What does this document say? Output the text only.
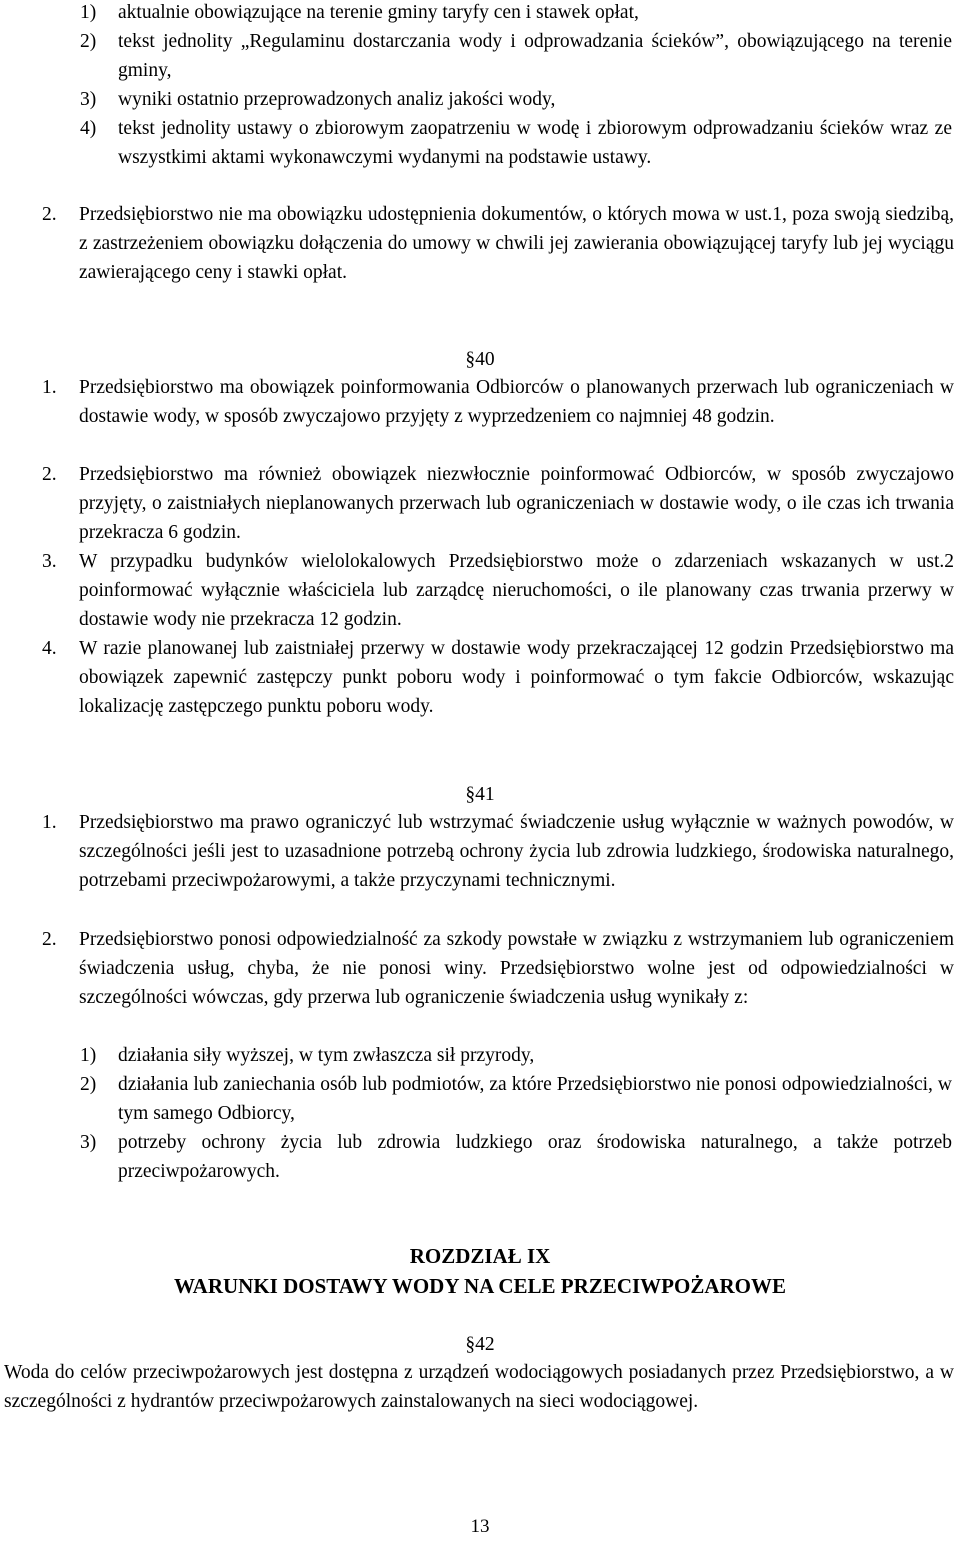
1)	aktualnie obowiązujące na terenie gminy taryfy cen i stawek opłat,
2)	tekst jednolity „Regulaminu dostarczania wody i odprowadzania ścieków”, obowiązującego na terenie gminy,
3)	wyniki ostatnio przeprowadzonych analiz jakości wody,
4)	tekst jednolity ustawy o zbiorowym zaopatrzeniu w wodę i zbiorowym odprowadzaniu ścieków wraz ze wszystkimi aktami wykonawczymi wydanymi na podstawie ustawy.
2.	Przedsiębiorstwo nie ma obowiązku udostępnienia dokumentów, o których mowa w ust.1, poza swoją siedzibą, z zastrzeżeniem obowiązku dołączenia do umowy w chwili jej zawierania obowiązującej taryfy lub jej wyciągu zawierającego ceny i stawki opłat.
§40
1.	Przedsiębiorstwo ma obowiązek poinformowania Odbiorców o planowanych przerwach lub ograniczeniach w dostawie wody, w sposób zwyczajowo przyjęty z wyprzedzeniem co najmniej 48 godzin.
2.	Przedsiębiorstwo ma również obowiązek niezwłocznie poinformować Odbiorców, w sposób zwyczajowo przyjęty, o zaistniałych nieplanowanych przerwach lub ograniczeniach w dostawie wody, o ile czas ich trwania przekracza 6 godzin.
3.	W przypadku budynków wielolokalowych Przedsiębiorstwo może o zdarzeniach wskazanych w ust.2 poinformować wyłącznie właściciela lub zarządcę nieruchomości, o ile planowany czas trwania przerwy w dostawie wody nie przekracza 12 godzin.
4.	W razie planowanej lub zaistniałej przerwy w dostawie wody przekraczającej 12 godzin Przedsiębiorstwo ma obowiązek zapewnić zastępczy punkt poboru wody i poinformować o tym fakcie Odbiorców, wskazując lokalizację zastępczego punktu poboru wody.
§41
1.	Przedsiębiorstwo ma prawo ograniczyć lub wstrzymać świadczenie usług wyłącznie w ważnych powodów, w szczególności jeśli jest to uzasadnione potrzebą ochrony życia lub zdrowia ludzkiego, środowiska naturalnego, potrzebami przeciwpożarowymi, a także przyczynami technicznymi.
2.	Przedsiębiorstwo ponosi odpowiedzialność za szkody powstałe w związku z wstrzymaniem lub ograniczeniem świadczenia usług, chyba, że nie ponosi winy. Przedsiębiorstwo wolne jest od odpowiedzialności w szczególności wówczas, gdy przerwa lub ograniczenie świadczenia usług wynikały z:
1)	działania siły wyższej, w tym zwłaszcza sił przyrody,
2)	działania lub zaniechania osób lub podmiotów, za które Przedsiębiorstwo nie ponosi odpowiedzialności, w tym samego Odbiorcy,
3)	potrzeby ochrony życia lub zdrowia ludzkiego oraz środowiska naturalnego, a także potrzeb przeciwpożarowych.
ROZDZIAŁ IX
WARUNKI DOSTAWY WODY NA CELE PRZECIWPOŻAROWE
§42
Woda do celów przeciwpożarowych jest dostępna z urządzeń wodociągowych posiadanych przez Przedsiębiorstwo, a w szczególności z hydrantów przeciwpożarowych zainstalowanych na sieci wodociągowej.
13
